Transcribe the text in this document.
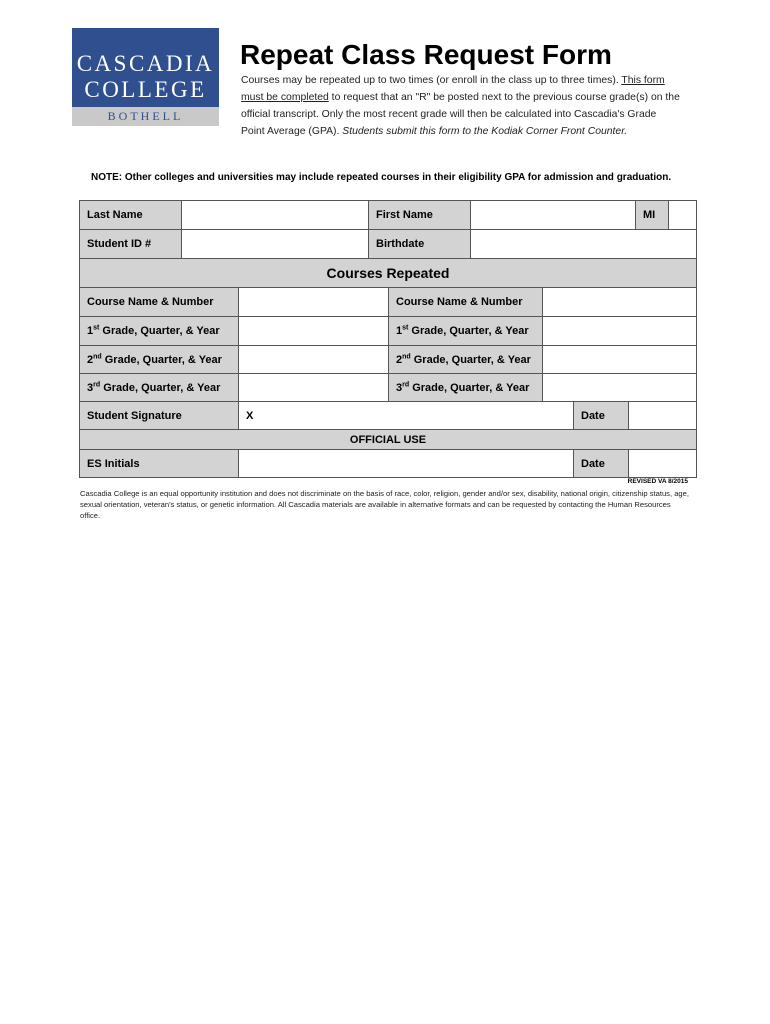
CASCADIA
COLLEGE
BOTHELL
Repeat Class Request Form
Courses may be repeated up to two times (or enroll in the class up to three times). This form must be completed to request that an "R" be posted next to the previous course grade(s) on the official transcript. Only the most recent grade will then be calculated into Cascadia's Grade Point Average (GPA). Students submit this form to the Kodiak Corner Front Counter.
NOTE: Other colleges and universities may include repeated courses in their eligibility GPA for admission and graduation.
Last Name	First Name	MI
Student ID #	Birthdate
Courses Repeated
Course Name & Number	Course Name & Number
1st Grade, Quarter, & Year	1st Grade, Quarter, & Year
2nd Grade, Quarter, & Year	2nd Grade, Quarter, & Year
3rd Grade, Quarter, & Year	3rd Grade, Quarter, & Year
Student Signature	X	Date
OFFICIAL USE
ES Initials	Date
REVISED VA 8/2015
Cascadia College is an equal opportunity institution and does not discriminate on the basis of race, color, religion, gender and/or sex, disability, national origin, citizenship status, age, sexual orientation, veteran's status, or genetic information. All Cascadia materials are available in alternative formats and can be requested by contacting the Human Resources office.
